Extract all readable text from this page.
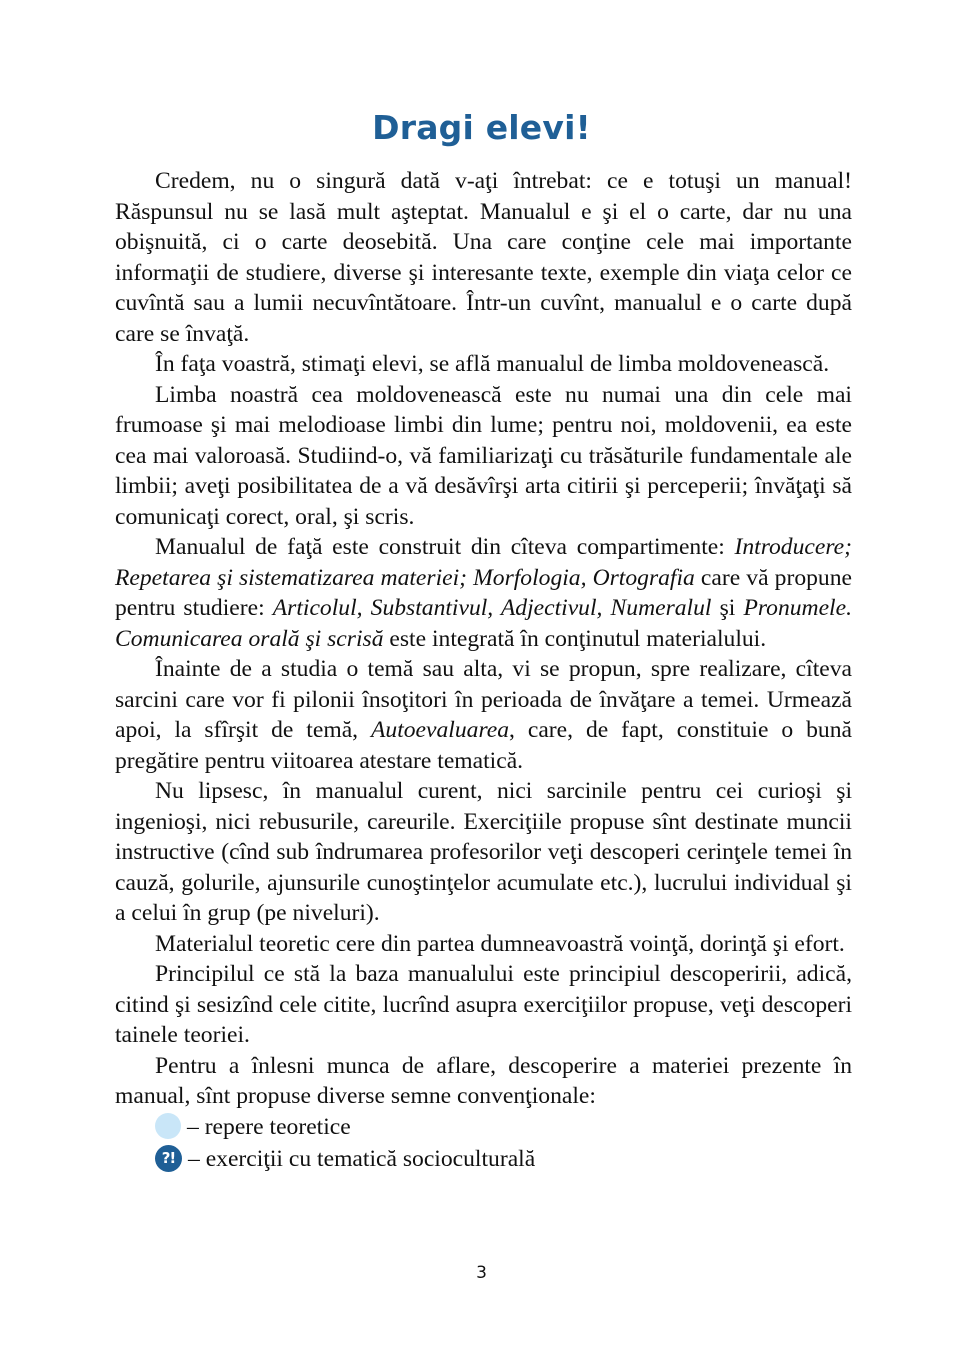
Dragi elevi!

Credem, nu o singură dată v-aţi întrebat: ce e totuşi un manual! Răspunsul nu se lasă mult aşteptat. Manualul e şi el o carte, dar nu una obişnuită, ci o carte deosebită. Una care conţine cele mai importante informaţii de studiere, diverse şi interesante texte, exemple din viaţa celor ce cuvîntă sau a lumii necuvîntătoare. Într-un cuvînt, manualul e o carte după care se învaţă.

În faţa voastră, stimaţi elevi, se află manualul de limba moldovenească.

Limba noastră cea moldovenească este nu numai una din cele mai frumoase şi mai melodioase limbi din lume; pentru noi, moldovenii, ea este cea mai valoroasă. Studiind-o, vă familiarizaţi cu trăsăturile fundamentale ale limbii; aveţi posibilitatea de a vă desăvîrşi arta citirii şi perceperii; învăţaţi să comunicaţi corect, oral, şi scris.

Manualul de faţă este construit din cîteva compartimente: Introducere; Repetarea şi sistematizarea materiei; Morfologia, Ortografia care vă propune pentru studiere: Articolul, Substantivul, Adjectivul, Numeralul şi Pronumele. Comunicarea orală şi scrisă este integrată în conţinutul materialului.

Înainte de a studia o temă sau alta, vi se propun, spre realizare, cîteva sarcini care vor fi pilonii însoţitori în perioada de învăţare a temei. Urmează apoi, la sfîrşit de temă, Autoevaluarea, care, de fapt, constituie o bună pregătire pentru viitoarea atestare tematică.

Nu lipsesc, în manualul curent, nici sarcinile pentru cei curioşi şi ingenioşi, nici rebusurile, careurile. Exerciţiile propuse sînt destinate muncii instructive (cînd sub îndrumarea profesorilor veţi descoperi cerinţele temei în cauză, golurile, ajunsurile cunoştinţelor acumulate etc.), lucrului individual şi a celui în grup (pe niveluri).

Materialul teoretic cere din partea dumneavoastră voinţă, dorinţă şi efort.

Principilul ce stă la baza manualului este principiul descoperirii, adică, citind şi sesizînd cele citite, lucrînd asupra exerciţiilor propuse, veţi descoperi tainele teoriei.

Pentru a înlesni munca de aflare, descoperire a materiei prezente în manual, sînt propuse diverse semne convenţionale:

– repere teoretice
?! – exerciţii cu tematică socioculturală
3
